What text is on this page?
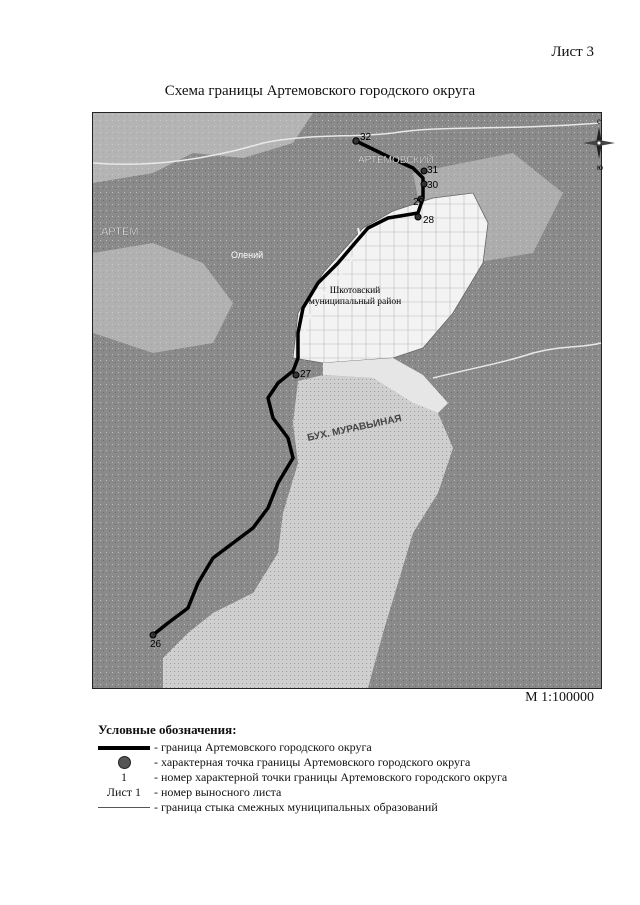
Лист 3
Схема границы Артемовского городского округа
32
31
30
29
28
27
26
АРТЕМ
АРТЕМОВСКИЙ
Олений
Шкотовский
муниципальный район
БУХ. МУРАВЬИНАЯ
с
ю
М 1:100000
Условные обозначения:
- граница Артемовского городского округа
- характерная точка границы Артемовского городского округа
1 - номер характерной точки границы Артемовского городского округа
Лист 1 - номер выносного листа
- граница стыка смежных муниципальных образований
